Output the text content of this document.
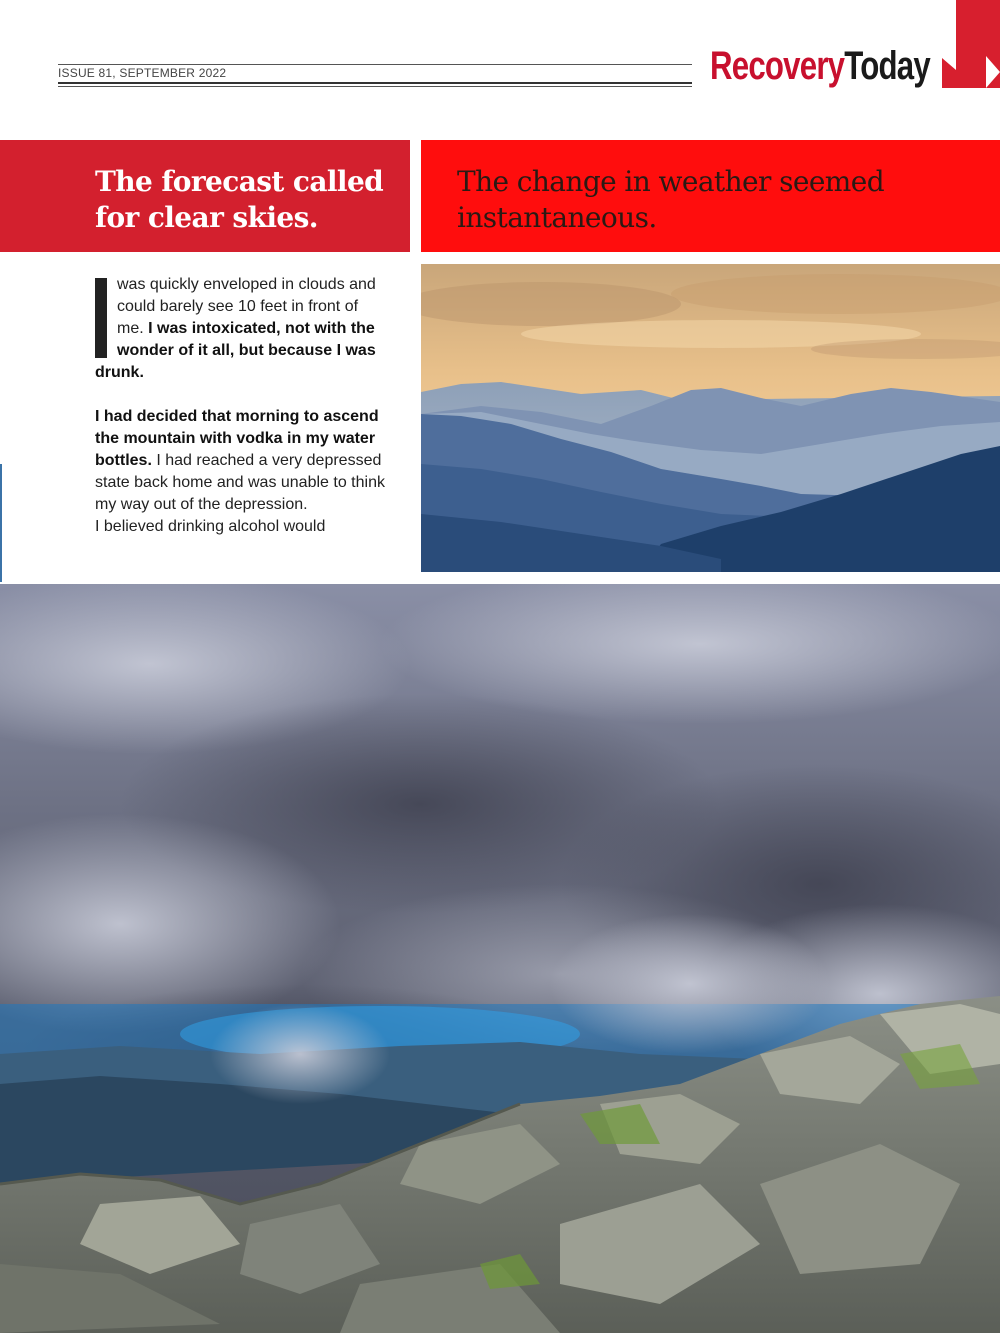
ISSUE 81, SEPTEMBER 2022	RecoveryToday
The forecast called for clear skies.
The change in weather seemed instantaneous.

was quickly enveloped in clouds and could barely see 10 feet in front of me. I was intoxicated, not with the wonder of it all, but because I was drunk.

I had decided that morning to ascend the mountain with vodka in my water bottles. I had reached a very depressed state back home and was unable to think my way out of the depression.

I believed drinking alcohol would
